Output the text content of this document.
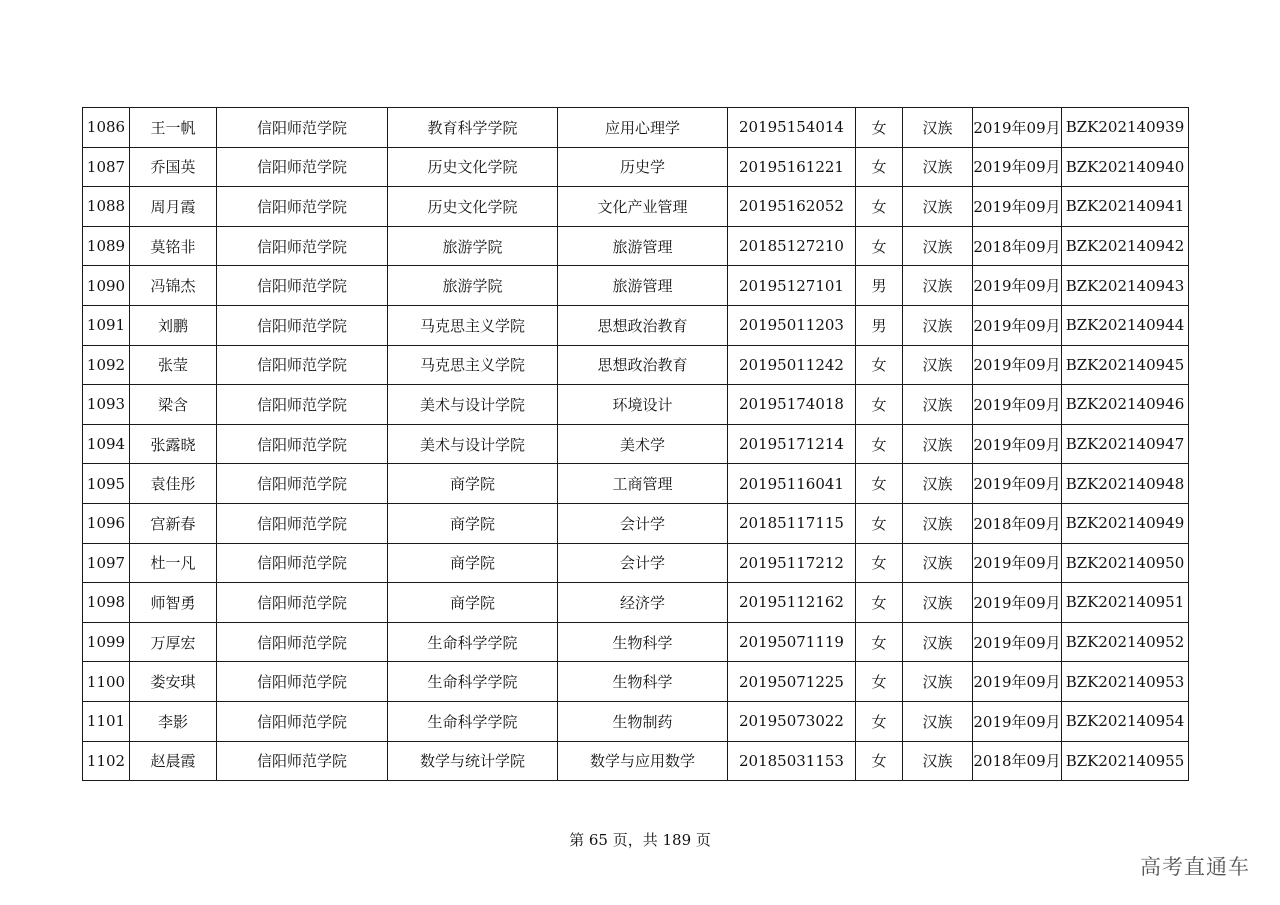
1086	王一帆	信阳师范学院	教育科学学院	应用心理学	20195154014	女	汉族	2019年09月	BZK202140939
1087	乔国英	信阳师范学院	历史文化学院	历史学	20195161221	女	汉族	2019年09月	BZK202140940
1088	周月霞	信阳师范学院	历史文化学院	文化产业管理	20195162052	女	汉族	2019年09月	BZK202140941
1089	莫铭非	信阳师范学院	旅游学院	旅游管理	20185127210	女	汉族	2018年09月	BZK202140942
1090	冯锦杰	信阳师范学院	旅游学院	旅游管理	20195127101	男	汉族	2019年09月	BZK202140943
1091	刘鹏	信阳师范学院	马克思主义学院	思想政治教育	20195011203	男	汉族	2019年09月	BZK202140944
1092	张莹	信阳师范学院	马克思主义学院	思想政治教育	20195011242	女	汉族	2019年09月	BZK202140945
1093	梁含	信阳师范学院	美术与设计学院	环境设计	20195174018	女	汉族	2019年09月	BZK202140946
1094	张露晓	信阳师范学院	美术与设计学院	美术学	20195171214	女	汉族	2019年09月	BZK202140947
1095	袁佳彤	信阳师范学院	商学院	工商管理	20195116041	女	汉族	2019年09月	BZK202140948
1096	宫新春	信阳师范学院	商学院	会计学	20185117115	女	汉族	2018年09月	BZK202140949
1097	杜一凡	信阳师范学院	商学院	会计学	20195117212	女	汉族	2019年09月	BZK202140950
1098	师智勇	信阳师范学院	商学院	经济学	20195112162	女	汉族	2019年09月	BZK202140951
1099	万厚宏	信阳师范学院	生命科学学院	生物科学	20195071119	女	汉族	2019年09月	BZK202140952
1100	娄安琪	信阳师范学院	生命科学学院	生物科学	20195071225	女	汉族	2019年09月	BZK202140953
1101	李影	信阳师范学院	生命科学学院	生物制药	20195073022	女	汉族	2019年09月	BZK202140954
1102	赵晨霞	信阳师范学院	数学与统计学院	数学与应用数学	20185031153	女	汉族	2018年09月	BZK202140955
第 65 页，共 189 页
高考直通车
